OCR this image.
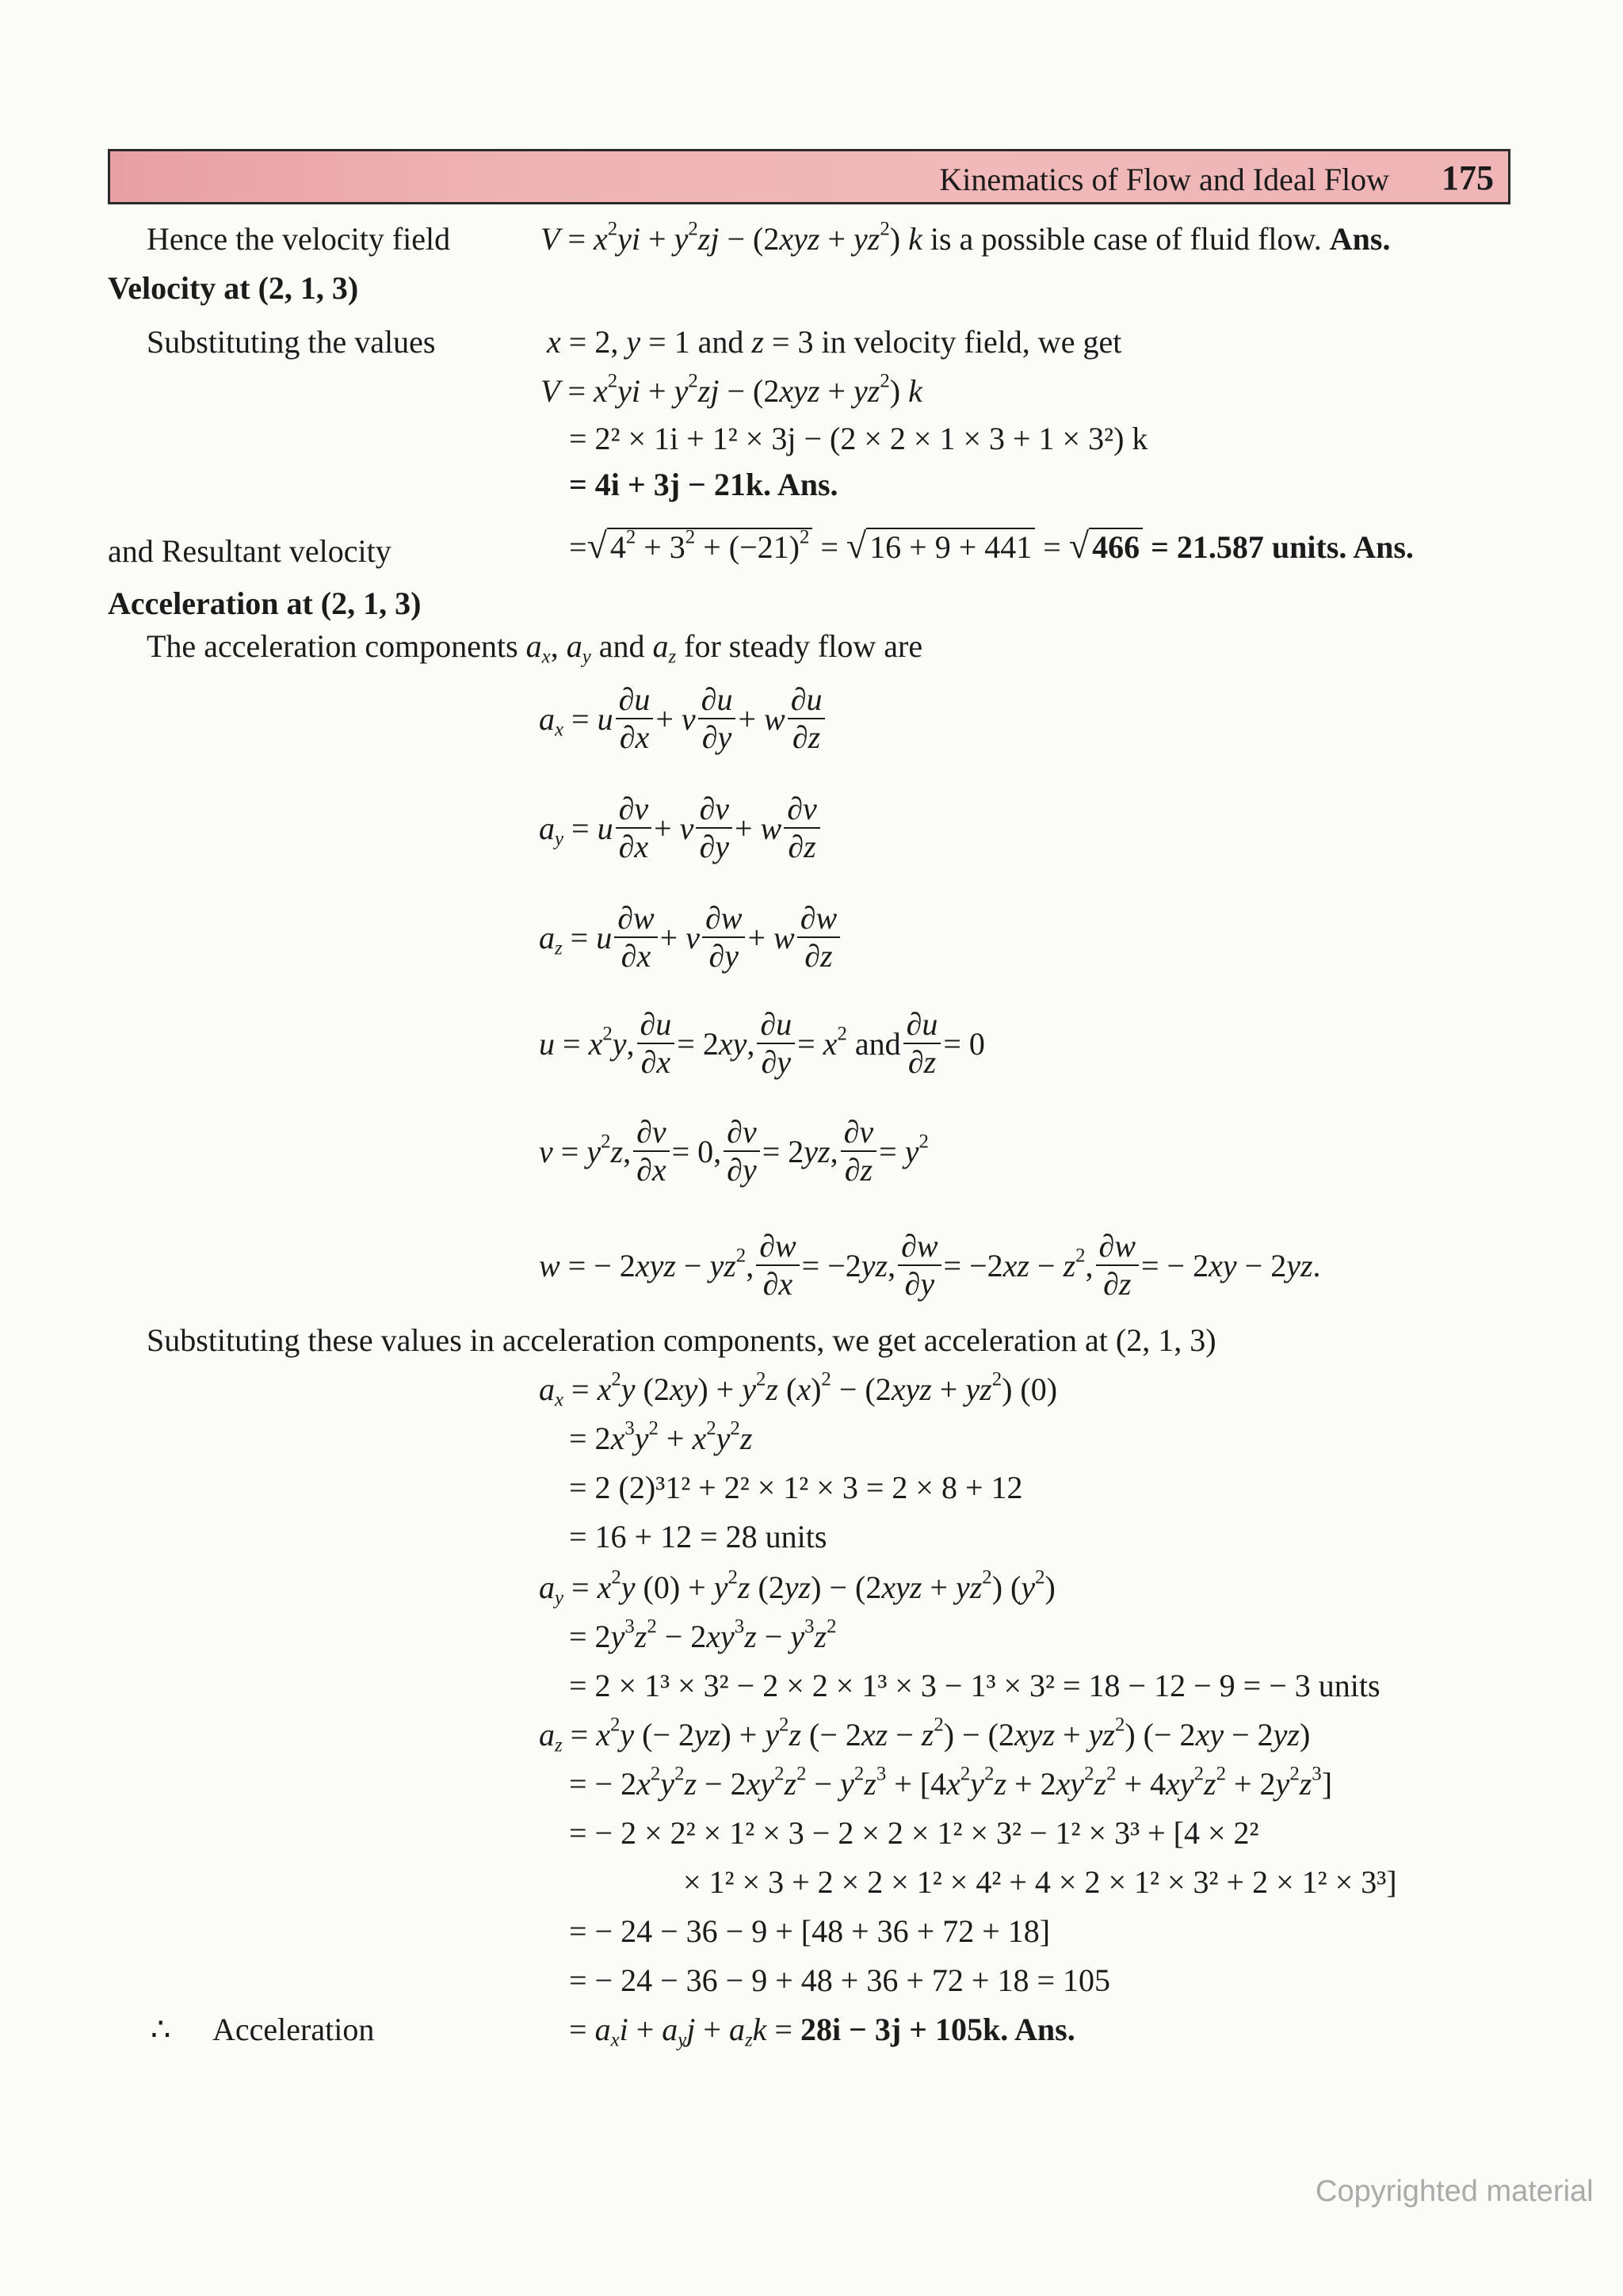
Kinematics of Flow and Ideal Flow 175
Hence the velocity field	$V = x^2yi + y^2zj - (2xyz + yz^2)$ k is a possible case of fluid flow. Ans.
Velocity at (2, 1, 3)
Substituting the values	x = 2, y = 1 and z = 3 in velocity field, we get
$V = x^2yi + y^2zj - (2xyz + yz^2)$ k
= 2² × 1i + 1² × 3j − (2 × 2 × 1 × 3 + 1 × 3²) k
= 4i + 3j − 21k. Ans.
and Resultant velocity	=√ $4^2 + 3^2 + (-21)^2$ = √ 16 + 9 + 441 = √ 466 = 21.587 units. Ans.
Acceleration at (2, 1, 3)
The acceleration components $a_x$, $a_y$ and $a_z$ for steady flow are
$a_x = u \frac{\partial u}{\partial x} + v \frac{\partial u}{\partial y} + w \frac{\partial u}{\partial z}$
$a_y = u \frac{\partial v}{\partial x} + v \frac{\partial v}{\partial y} + w \frac{\partial v}{\partial z}$
$a_z = u \frac{\partial w}{\partial x} + v \frac{\partial w}{\partial y} + w \frac{\partial w}{\partial z}$
$u = x^2y$, $\frac{\partial u}{\partial x} = 2xy$, $\frac{\partial u}{\partial y} = x^2$ and $\frac{\partial u}{\partial z} = 0$
$v = y^2z$, $\frac{\partial v}{\partial x} = 0$, $\frac{\partial v}{\partial y} = 2yz$, $\frac{\partial v}{\partial z} = y^2$
w = − $2xyz - yz^2$, $\frac{\partial w}{\partial x} = -2yz$, $\frac{\partial w}{\partial y} = -2xz - z^2$, $\frac{\partial w}{\partial z}$ = − 2xy − 2yz.
Substituting these values in acceleration components, we get acceleration at (2, 1, 3)
$a_x = x^2y$ $(2xy) + y^2z$ $(x)^2 - (2xyz + yz^2)$ (0)
= $2x^3y^2 + x^2y^2z$
= 2 (2)³1² + 2² × 1² × 3 = 2 × 8 + 12
= 16 + 12 = 28 units
$a_y = x^2y$ $(0) + y^2z$ $(2yz) - (2xyz + yz^2)$ $(y^2)$
= $2y^3z^2 - 2xy^3z - y^3z^2$
= 2 × 1³ × 3² − 2 × 2 × 1³ × 3 − 1³ × 3² = 18 − 12 − 9 = − 3 units
$a_z = x^2y$ (− $2yz) + y^2z$ (− $2xz - z^2) - (2xyz + yz^2)$ (− 2xy − 2yz)
= − $2x^2y^2z - 2xy^2z^2 - y^2z^3 + [4x^2y^2z + 2xy^2z^2 + 4xy^2z^2 + 2y^2z^3]$
= − 2 × 2² × 1² × 3 − 2 × 2 × 1² × 3² − 1² × 3³ + [4 × 2²
× 1² × 3 + 2 × 2 × 1² × 4² + 4 × 2 × 1² × 3² + 2 × 1² × 3³]
= − 24 − 36 − 9 + [48 + 36 + 72 + 18]
= − 24 − 36 − 9 + 48 + 36 + 72 + 18 = 105
∴ Acceleration	= $a_xi + a_yj + a_zk = 28i - 3j + 105k$. Ans.
Copyrighted material
